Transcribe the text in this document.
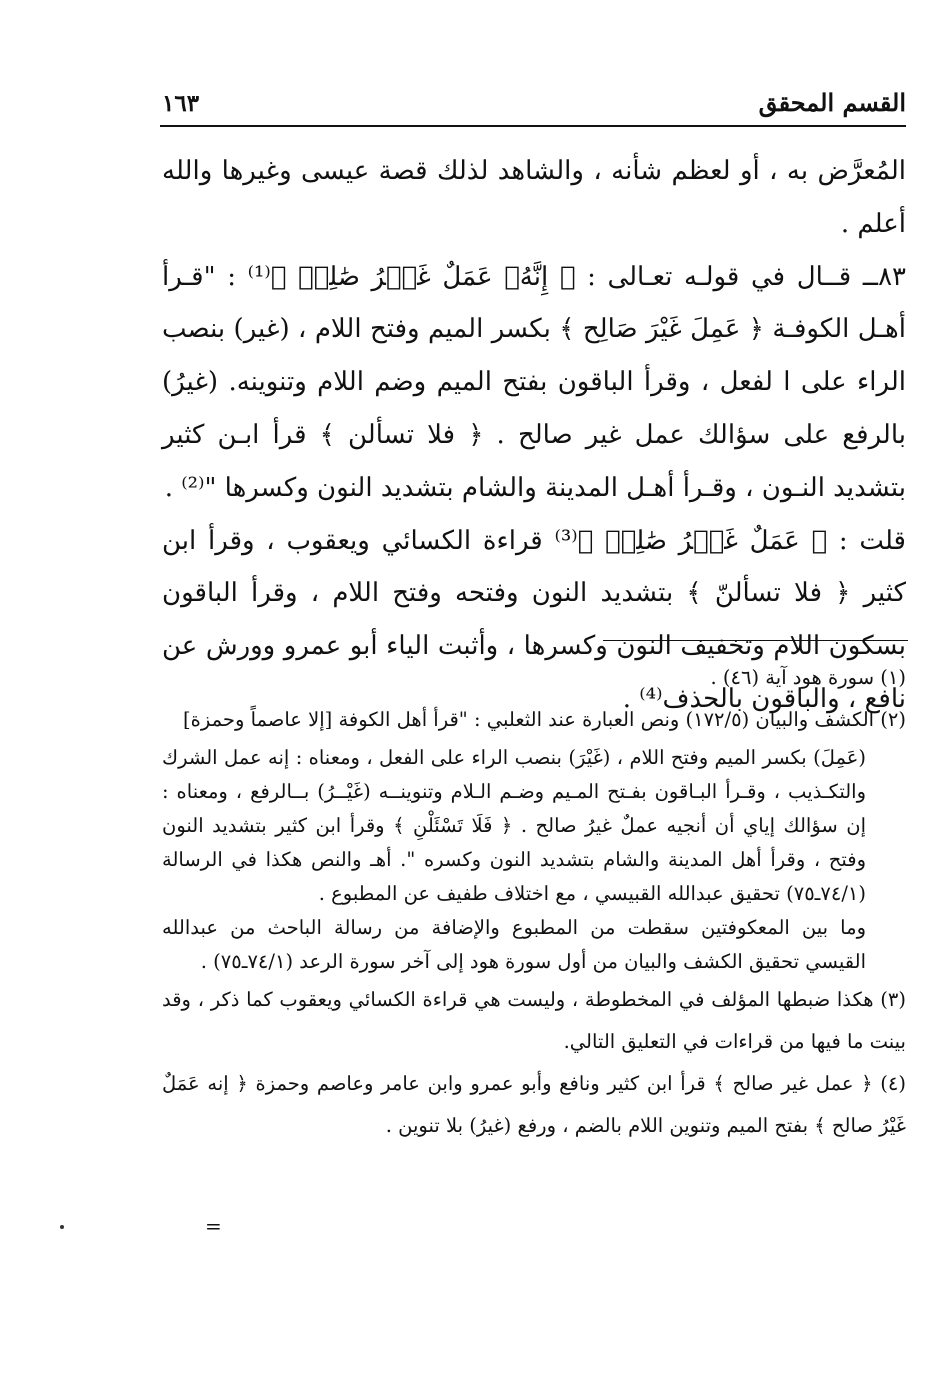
١٦٣	القسم المحقق

المُعرَّض به ، أو لعظم شأنه ، والشاهد لذلك قصة عيسى وغيرها والله أعلم .

٨٣ــ قــال في قولـه تعـالى : ﴿ إِنَّهُۥ عَمَلٌ غَيۡرُ صَٰلِحٖ ﴾⁽¹⁾ : "قـرأ أهـل الكوفـة ﴿ عَمِلَ غَيْرَ صَالِح ﴾ بكسر الميم وفتح اللام ، (غير) بنصب الراء على ا لفعل ، وقرأ الباقون بفتح الميم وضم اللام وتنوينه. (غيرُ) بالرفع على سؤالك عمل غير صالح . ﴿ فلا تسألن ﴾ قرأ ابـن كثير بتشديد النـون ، وقـرأ أهـل المدينة والشام بتشديد النون وكسرها "⁽²⁾ .

قلت : ﴿ عَمَلٌ غَيۡرُ صَٰلِحٖ ﴾⁽³⁾ قراءة الكسائي ويعقوب ، وقرأ ابن كثير ﴿ فلا تسألنّ ﴾ بتشديد النون وفتحه وفتح اللام ، وقرأ الباقون بسكون اللام وتخفيف النون وكسرها ، وأثبت الياء أبو عمرو وورش عن نافع ، والباقون بالحذف⁽⁴⁾ .

(١) سورة هود آية (٤٦) .

(٢) الكشف والبيان (١٧٢/٥) ونص العبارة عند الثعلبي : "قرأ أهل الكوفة [إلا عاصماً وحمزة]

(عَمِلَ) بكسر الميم وفتح اللام ، (غَيْرَ) بنصب الراء على الفعل ، ومعناه : إنه عمل الشرك والتكـذيب ، وقـرأ البـاقون بفـتح المـيم وضـم الـلام وتنوينــه (غَيْــرُ) بــالرفع ، ومعناه : إن سؤالك إياي أن أنجيه عملٌ غيرُ صالح . ﴿ فَلَا تَسْئَلْنِ ﴾ وقرأ ابن كثير بتشديد النون وفتح ، وقرأ أهل المدينة والشام بتشديد النون وكسره ". أهـ والنص هكذا في الرسالة (٧٤/١ـ٧٥) تحقيق عبدالله القبيسي ، مع اختلاف طفيف عن المطبوع .

وما بين المعكوفتين سقطت من المطبوع والإضافة من رسالة الباحث من عبدالله القيسي تحقيق الكشف والبيان من أول سورة هود إلى آخر سورة الرعد (٧٤/١ـ٧٥) .

(٣) هكذا ضبطها المؤلف في المخطوطة ، وليست هي قراءة الكسائي ويعقوب كما ذكر ، وقد بينت ما فيها من قراءات في التعليق التالي.

(٤) ﴿ عمل غير صالح ﴾ قرأ ابن كثير ونافع وأبو عمرو وابن عامر وعاصم وحمزة ﴿ إنه عَمَلٌ غَيْرُ صالح ﴾ بفتح الميم وتنوين اللام بالضم ، ورفع (غيرُ) بلا تنوين .

=
